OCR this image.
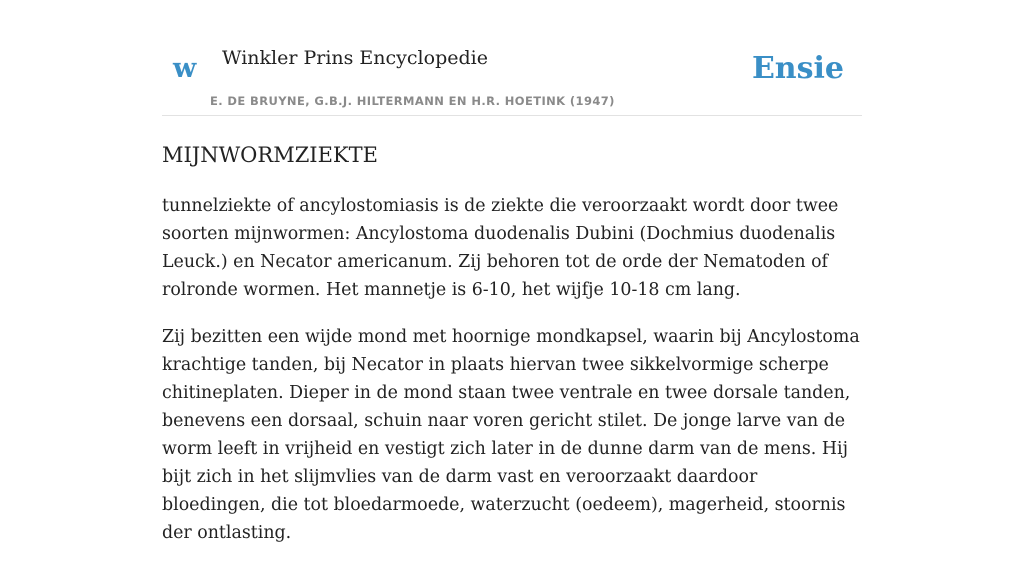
w Winkler Prins Encyclopedie
E. DE BRUYNE, G.B.J. HILTERMANN EN H.R. HOETINK (1947)
Ensie
MIJNWORMZIEKTE

tunnelziekte of ancylostomiasis is de ziekte die veroorzaakt wordt door twee soorten mijnwormen: Ancylostoma duodenalis Dubini (Dochmius duodenalis Leuck.) en Necator americanum. Zij behoren tot de orde der Nematoden of rolronde wormen. Het mannetje is 6-10, het wijfje 10-18 cm lang.

Zij bezitten een wijde mond met hoornige mondkapsel, waarin bij Ancylostoma krachtige tanden, bij Necator in plaats hiervan twee sikkelvormige scherpe chitineplaten. Dieper in de mond staan twee ventrale en twee dorsale tanden, benevens een dorsaal, schuin naar voren gericht stilet. De jonge larve van de worm leeft in vrijheid en vestigt zich later in de dunne darm van de mens. Hij bijt zich in het slijmvlies van de darm vast en veroorzaakt daardoor bloedingen, die tot bloedarmoede, waterzucht (oedeem), magerheid, stoornis der ontlasting.
